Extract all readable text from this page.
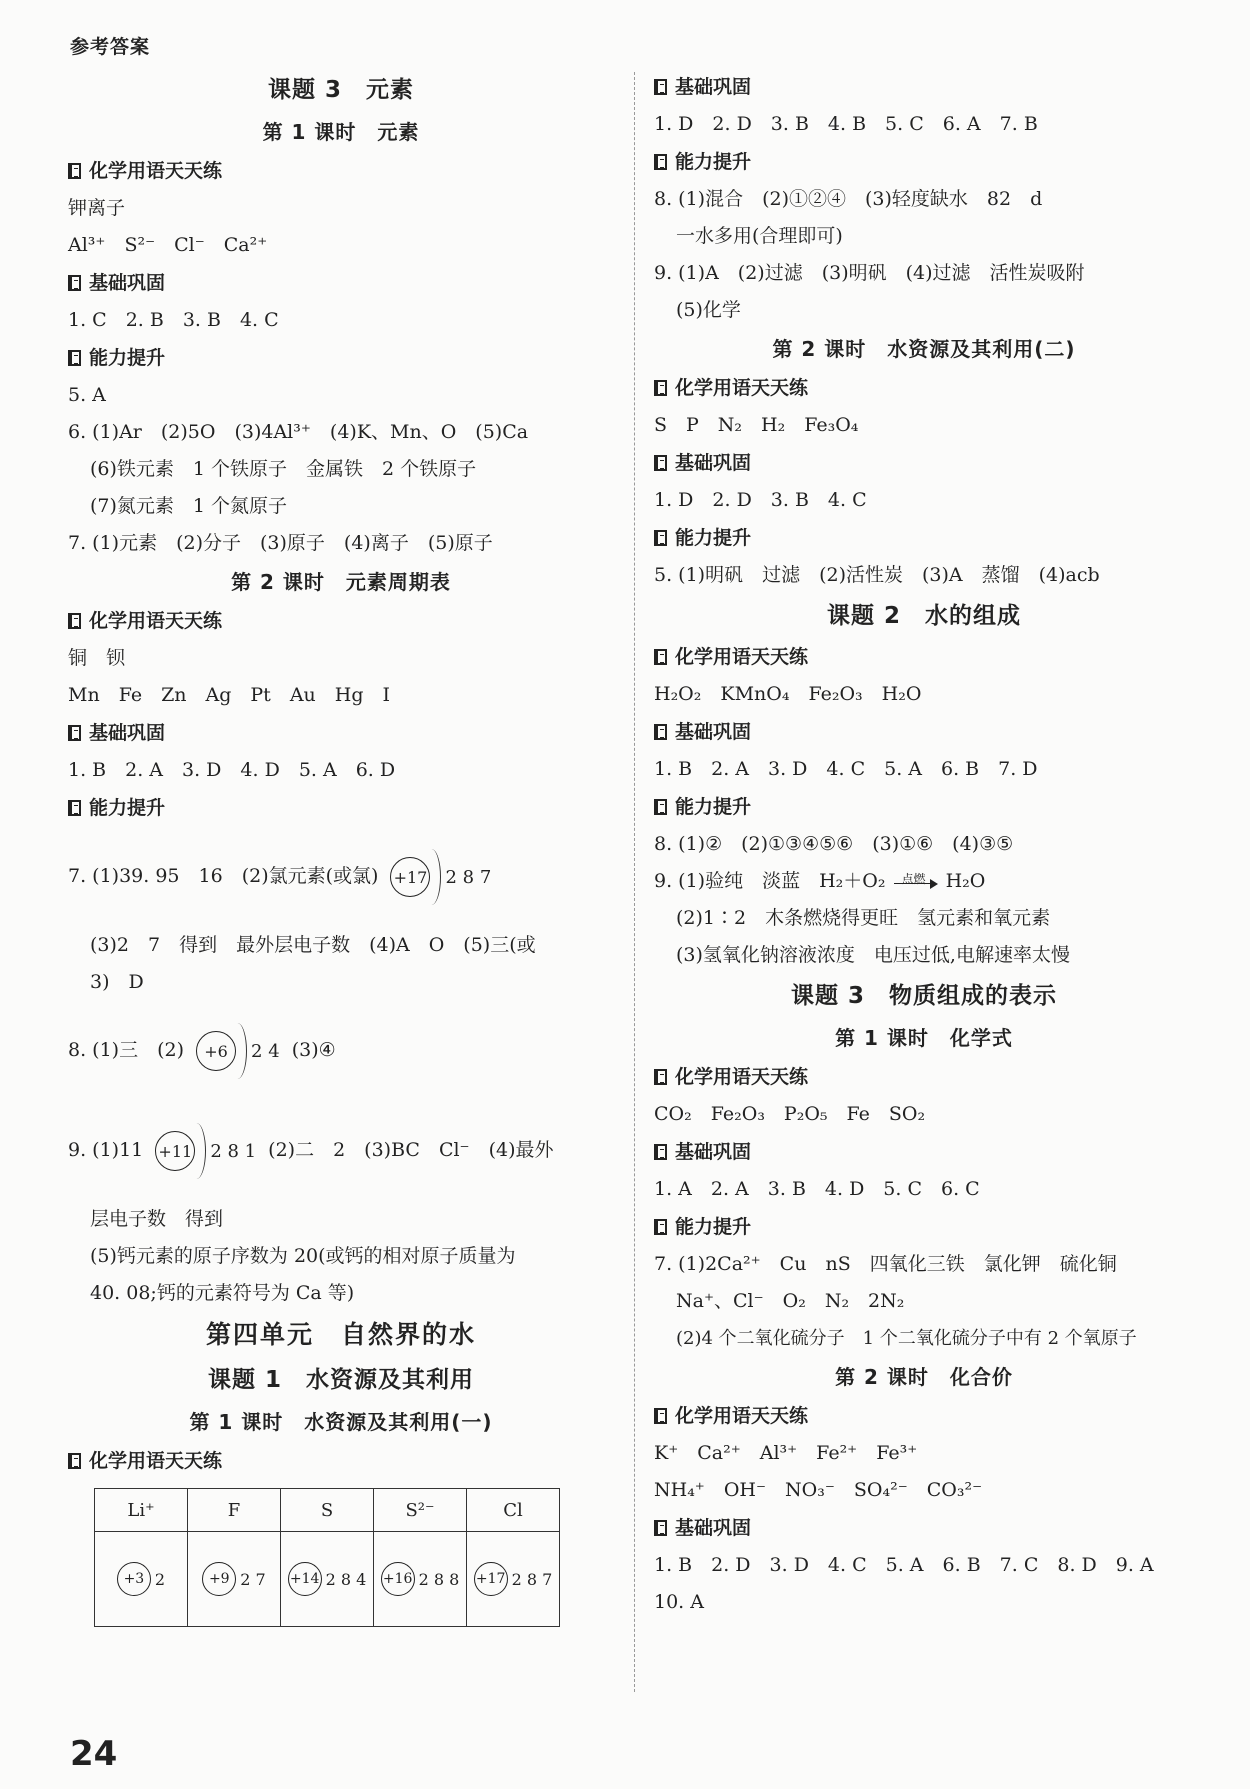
参考答案
课题 3　元素
第 1 课时　元素
化学用语天天练
钾离子
Al³⁺　S²⁻　Cl⁻　Ca²⁺
基础巩固
1. C　2. B　3. B　4. C
能力提升
5. A
6. (1)Ar　(2)5O　(3)4Al³⁺　(4)K、Mn、O　(5)Ca
(6)铁元素　1 个铁原子　金属铁　2 个铁原子
(7)氮元素　1 个氮原子
7. (1)元素　(2)分子　(3)原子　(4)离子　(5)原子
第 2 课时　元素周期表
化学用语天天练
铜　钡
Mn　Fe　Zn　Ag　Pt　Au　Hg　I
基础巩固
1. B　2. A　3. D　4. D　5. A　6. D
能力提升
7. (1)39. 95　16　(2)氯元素(或氯) +17 2 8 7
(3)2　7　得到　最外层电子数　(4)A　O　(5)三(或
3)　D
8. (1)三　(2)	+6	2 4 (3)④
9. (1)11 +11 2 8 1 (2)二　2　(3)BC　Cl⁻　(4)最外
层电子数　得到
(5)钙元素的原子序数为 20(或钙的相对原子质量为
40. 08;钙的元素符号为 Ca 等)
第四单元　自然界的水
课题 1　水资源及其利用
第 1 课时　水资源及其利用(一)
化学用语天天练
Li⁺	F	S	S²⁻	Cl

+3 2	+9 2 7	+14 2 8 4	+16 2 8 8	+17 2 8 7
基础巩固
1. D　2. D　3. B　4. B　5. C　6. A　7. B
能力提升
8. (1)混合　(2)①②④　(3)轻度缺水　82　d
一水多用(合理即可)
9. (1)A　(2)过滤　(3)明矾　(4)过滤　活性炭吸附
(5)化学
第 2 课时　水资源及其利用(二)
化学用语天天练
S　P　N₂　H₂　Fe₃O₄
基础巩固
1. D　2. D　3. B　4. C
能力提升
5. (1)明矾　过滤　(2)活性炭　(3)A　蒸馏　(4)acb
课题 2　水的组成
化学用语天天练
H₂O₂　KMnO₄　Fe₂O₃　H₂O
基础巩固
1. B　2. A　3. D　4. C　5. A　6. B　7. D
能力提升
8. (1)②　(2)①③④⑤⑥　(3)①⑥　(4)③⑤
9. (1)验纯　淡蓝　H₂＋O₂ 点燃 H₂O
(2)1∶2　木条燃烧得更旺　氢元素和氧元素
(3)氢氧化钠溶液浓度　电压过低,电解速率太慢
课题 3　物质组成的表示
第 1 课时　化学式
化学用语天天练
CO₂　Fe₂O₃　P₂O₅　Fe　SO₂
基础巩固
1. A　2. A　3. B　4. D　5. C　6. C
能力提升
7. (1)2Ca²⁺　Cu　nS　四氧化三铁　氯化钾　硫化铜
Na⁺、Cl⁻　O₂　N₂　2N₂
(2)4 个二氧化硫分子　1 个二氧化硫分子中有 2 个氧原子
第 2 课时　化合价
化学用语天天练
K⁺　Ca²⁺　Al³⁺　Fe²⁺　Fe³⁺
NH₄⁺　OH⁻　NO₃⁻　SO₄²⁻　CO₃²⁻
基础巩固
1. B　2. D　3. D　4. C　5. A　6. B　7. C　8. D　9. A
10. A
24
